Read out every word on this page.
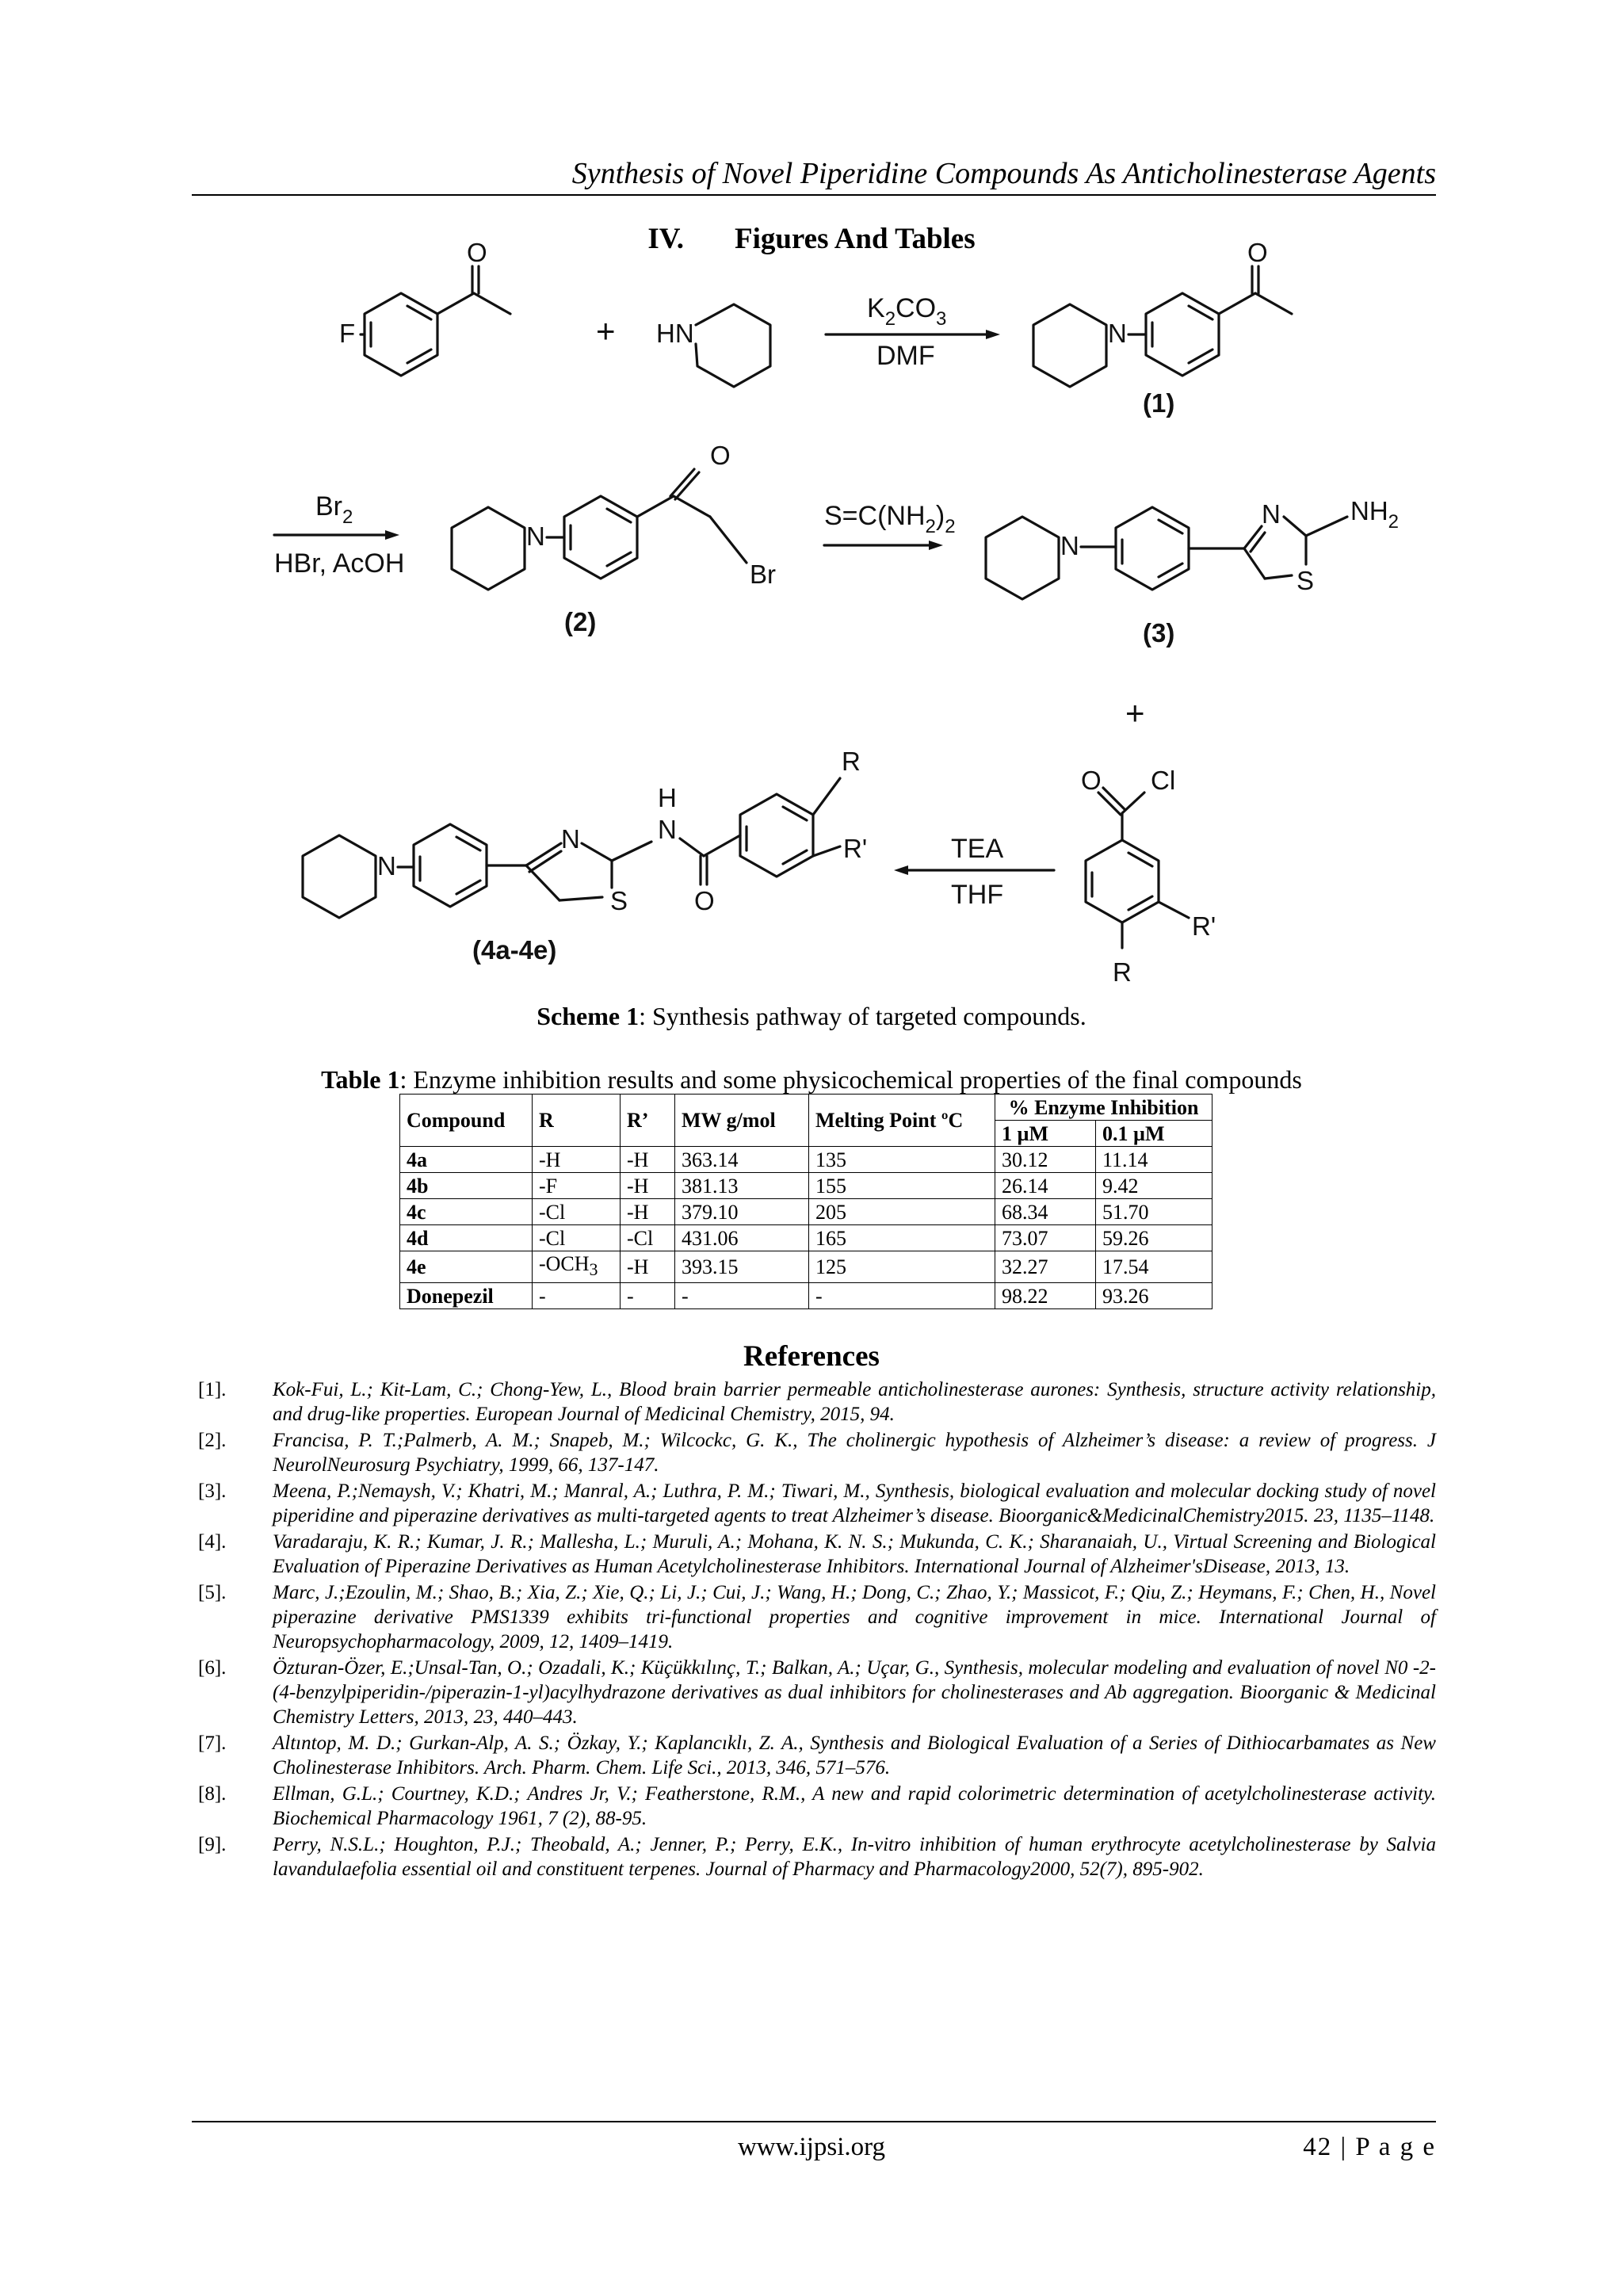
Synthesis of Novel Piperidine Compounds As Anticholinesterase Agents
IV. Figures And Tables
F
O
+ HN
$K_2CO_3$
DMF
N
O
(1)
$Br_2$
HBr, AcOH
N
O
Br
(2)
$S=C(NH_2)_2$
N
N	$NH_2$
S
(3)
+
N
N
S
H
N
O
R
R'
(4a-4e)
TEA
THF
O Cl
R'
R
Scheme 1: Synthesis pathway of targeted compounds.
Table 1: Enzyme inhibition results and some physicochemical properties of the final compounds
Compound	R	R’	MW g/mol	Melting Point ºC	% Enzyme Inhibition	
					1 µM	0.1 µM
4a	-H	-H	363.14	135	30.12	11.14
4b	-F	-H	381.13	155	26.14	9.42
4c	-Cl	-H	379.10	205	68.34	51.70
4d	-Cl	-Cl	431.06	165	73.07	59.26
4e	$-OCH_3$	-H	393.15	125	32.27	17.54
Donepezil	-	-	-	-	98.22	93.26
References
[1]. Kok-Fui, L.; Kit-Lam, C.; Chong-Yew, L., Blood brain barrier permeable anticholinesterase aurones: Synthesis, structure activity relationship, and drug-like properties. European Journal of Medicinal Chemistry, 2015, 94.
[2]. Francisa, P. T.;Palmerb, A. M.; Snapeb, M.; Wilcockc, G. K., The cholinergic hypothesis of Alzheimer’s disease: a review of progress. J NeurolNeurosurg Psychiatry, 1999, 66, 137-147.
[3]. Meena, P.;Nemaysh, V.; Khatri, M.; Manral, A.; Luthra, P. M.; Tiwari, M., Synthesis, biological evaluation and molecular docking study of novel piperidine and piperazine derivatives as multi-targeted agents to treat Alzheimer’s disease. Bioorganic&MedicinalChemistry2015. 23, 1135–1148.
[4]. Varadaraju, K. R.; Kumar, J. R.; Mallesha, L.; Muruli, A.; Mohana, K. N. S.; Mukunda, C. K.; Sharanaiah, U., Virtual Screening and Biological Evaluation of Piperazine Derivatives as Human Acetylcholinesterase Inhibitors. International Journal of Alzheimer'sDisease, 2013, 13.
[5]. Marc, J.;Ezoulin, M.; Shao, B.; Xia, Z.; Xie, Q.; Li, J.; Cui, J.; Wang, H.; Dong, C.; Zhao, Y.; Massicot, F.; Qiu, Z.; Heymans, F.; Chen, H., Novel piperazine derivative PMS1339 exhibits tri-functional properties and cognitive improvement in mice. International Journal of Neuropsychopharmacology, 2009, 12, 1409–1419.
[6]. Özturan-Özer, E.;Unsal-Tan, O.; Ozadali, K.; Küçükkılınç, T.; Balkan, A.; Uçar, G., Synthesis, molecular modeling and evaluation of novel N0 -2-(4-benzylpiperidin-/piperazin-1-yl)acylhydrazone derivatives as dual inhibitors for cholinesterases and Ab aggregation. Bioorganic & Medicinal Chemistry Letters, 2013, 23, 440–443.
[7]. Altıntop, M. D.; Gurkan-Alp, A. S.; Özkay, Y.; Kaplancıklı, Z. A., Synthesis and Biological Evaluation of a Series of Dithiocarbamates as New Cholinesterase Inhibitors. Arch. Pharm. Chem. Life Sci., 2013, 346, 571–576.
[8]. Ellman, G.L.; Courtney, K.D.; Andres Jr, V.; Featherstone, R.M., A new and rapid colorimetric determination of acetylcholinesterase activity. Biochemical Pharmacology 1961, 7 (2), 88-95.
[9]. Perry, N.S.L.; Houghton, P.J.; Theobald, A.; Jenner, P.; Perry, E.K., In-vitro inhibition of human erythrocyte acetylcholinesterase by Salvia lavandulaefolia essential oil and constituent terpenes. Journal of Pharmacy and Pharmacology2000, 52(7), 895-902.
www.ijpsi.org	42 | P a g e
